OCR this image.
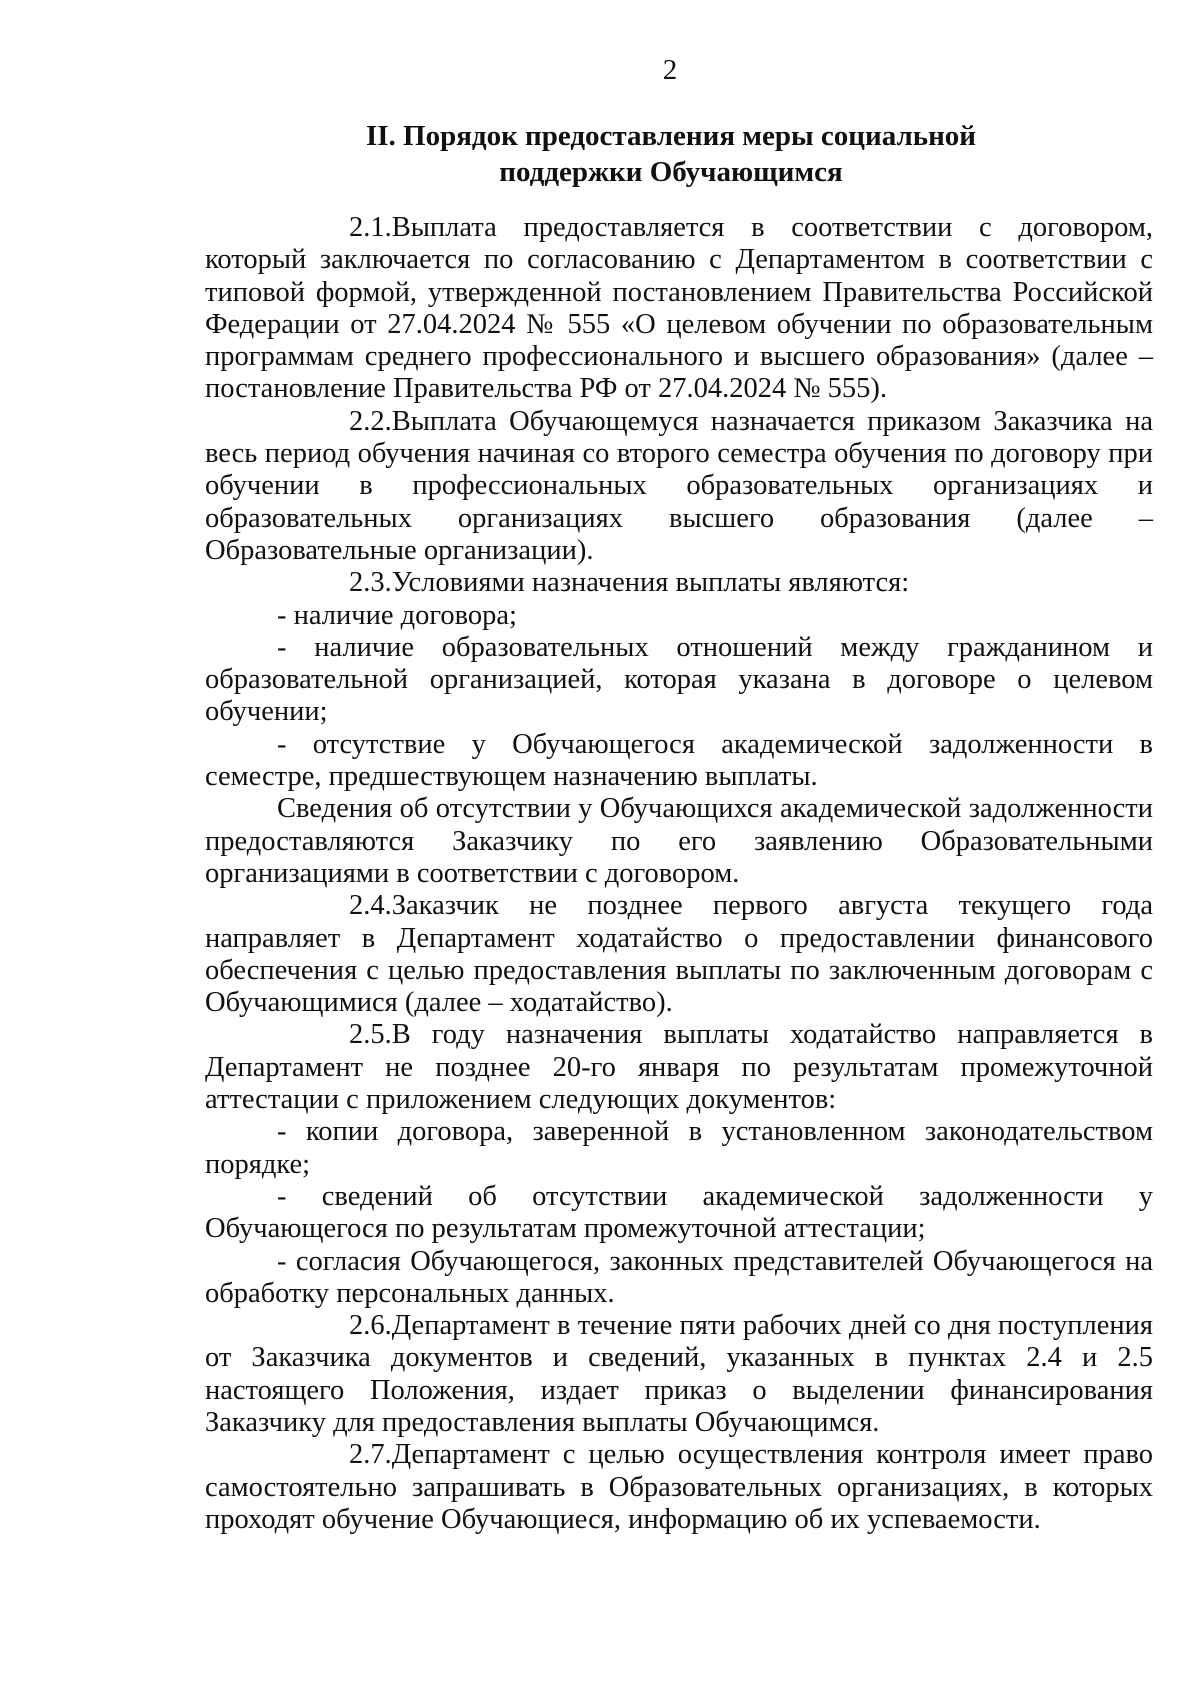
2
II. Порядок предоставления меры социальной
поддержки Обучающимся

2.1.Выплата предоставляется в соответствии с договором, который заключается по согласованию с Департаментом в соответствии с типовой формой, утвержденной постановлением Правительства Российской Федерации от 27.04.2024 № 555 «О целевом обучении по образовательным программам среднего профессионального и высшего образования» (далее – постановление Правительства РФ от 27.04.2024 № 555).

2.2.Выплата Обучающемуся назначается приказом Заказчика на весь период обучения начиная со второго семестра обучения по договору при обучении в профессиональных образовательных организациях и образовательных организациях высшего образования (далее – Образовательные организации).

2.3.Условиями назначения выплаты являются:

- наличие договора;

- наличие образовательных отношений между гражданином и образовательной организацией, которая указана в договоре о целевом обучении;

- отсутствие у Обучающегося академической задолженности в семестре, предшествующем назначению выплаты.

Сведения об отсутствии у Обучающихся академической задолженности предоставляются Заказчику по его заявлению Образовательными организациями в соответствии с договором.

2.4.Заказчик не позднее первого августа текущего года направляет в Департамент ходатайство о предоставлении финансового обеспечения с целью предоставления выплаты по заключенным договорам с Обучающимися (далее – ходатайство).

2.5.В году назначения выплаты ходатайство направляется в Департамент не позднее 20-го января по результатам промежуточной аттестации с приложением следующих документов:

- копии договора, заверенной в установленном законодательством порядке;

- сведений об отсутствии академической задолженности у Обучающегося по результатам промежуточной аттестации;

- согласия Обучающегося, законных представителей Обучающегося на обработку персональных данных.

2.6.Департамент в течение пяти рабочих дней со дня поступления от Заказчика документов и сведений, указанных в пунктах 2.4 и 2.5 настоящего Положения, издает приказ о выделении финансирования Заказчику для предоставления выплаты Обучающимся.

2.7.Департамент с целью осуществления контроля имеет право самостоятельно запрашивать в Образовательных организациях, в которых проходят обучение Обучающиеся, информацию об их успеваемости.
